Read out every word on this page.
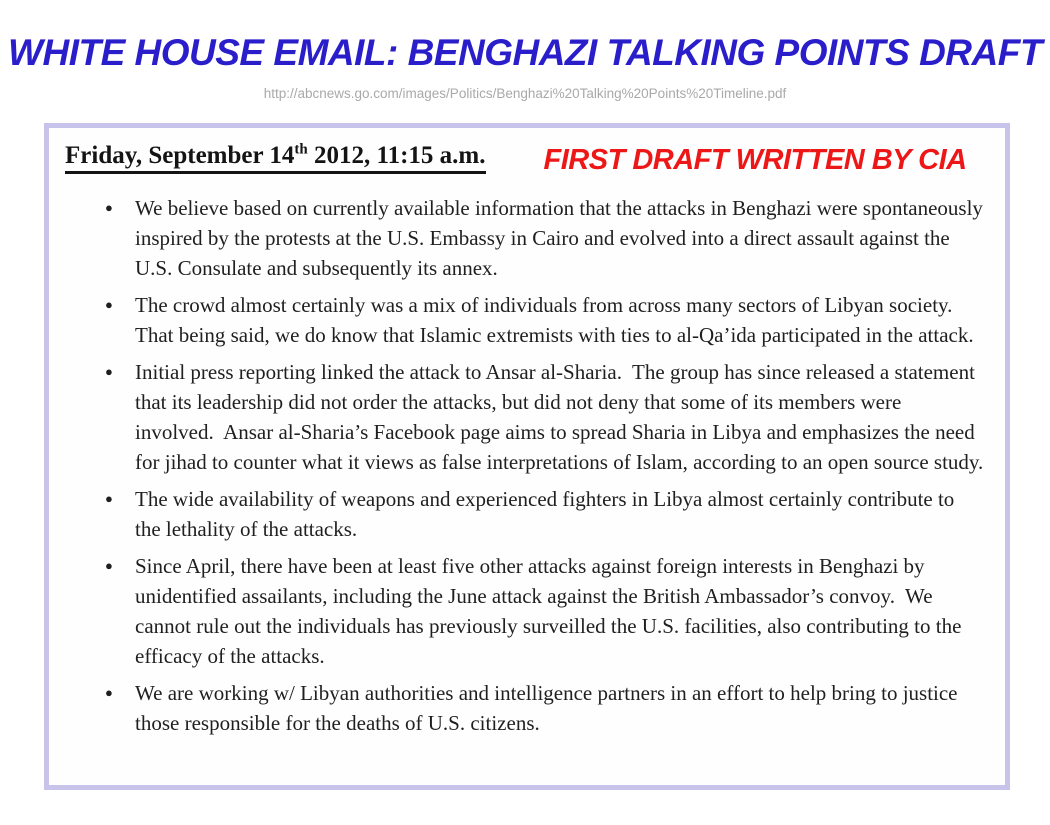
WHITE HOUSE EMAIL: BENGHAZI TALKING POINTS DRAFT
http://abcnews.go.com/images/Politics/Benghazi%20Talking%20Points%20Timeline.pdf
Friday, September 14th 2012, 11:15 a.m. FIRST DRAFT WRITTEN BY CIA
●	We believe based on currently available information that the attacks in Benghazi were spontaneously inspired by the protests at the U.S. Embassy in Cairo and evolved into a direct assault against the U.S. Consulate and subsequently its annex.
●	The crowd almost certainly was a mix of individuals from across many sectors of Libyan society.  That being said, we do know that Islamic extremists with ties to al-Qa’ida participated in the attack.
●	Initial press reporting linked the attack to Ansar al-Sharia.  The group has since released a statement that its leadership did not order the attacks, but did not deny that some of its members were involved.  Ansar al-Sharia’s Facebook page aims to spread Sharia in Libya and emphasizes the need for jihad to counter what it views as false interpretations of Islam, according to an open source study.
●	The wide availability of weapons and experienced fighters in Libya almost certainly contribute to the lethality of the attacks.
●	Since April, there have been at least five other attacks against foreign interests in Benghazi by unidentified assailants, including the June attack against the British Ambassador’s convoy.  We cannot rule out the individuals has previously surveilled the U.S. facilities, also contributing to the efficacy of the attacks.
●	We are working w/ Libyan authorities and intelligence partners in an effort to help bring to justice those responsible for the deaths of U.S. citizens.
